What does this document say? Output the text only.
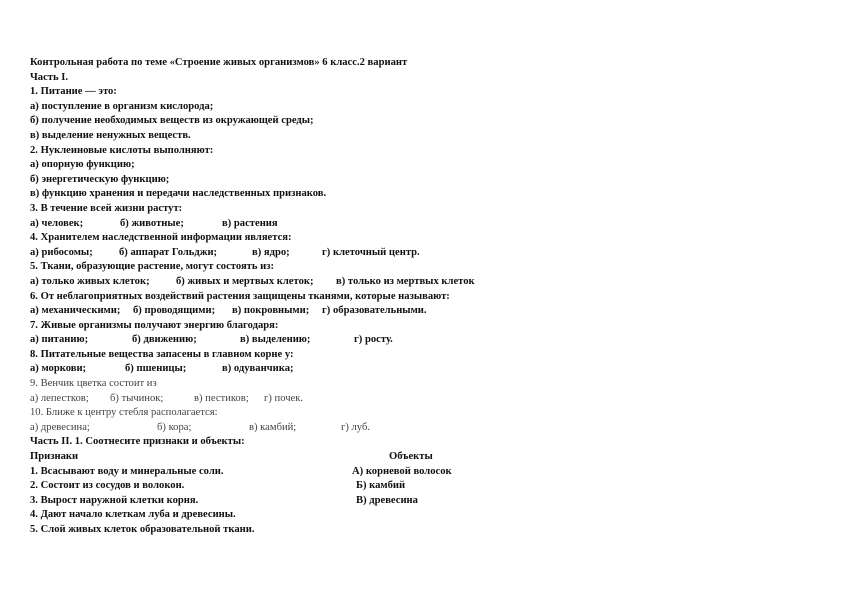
Контрольная работа по теме «Строение живых организмов» 6 класс.2 вариант
Часть I.
1. Питание — это:
а) поступление в организм кислорода;
б) получение необходимых веществ из окружающей среды;
в) выделение ненужных веществ.
2. Нуклеиновые кислоты выполняют:
а) опорную функцию;
б) энергетическую функцию;
в) функцию хранения и передачи наследственных признаков.
3. В течение всей жизни растут:
а) человек;	б) животные;	в) растения
4. Хранителем наследственной информации является:
а) рибосомы; б) аппарат Гольджи;	в) ядро;	г) клеточный центр.
5. Ткани, образующие растение, могут состоять из:
а) только живых клеток; б) живых и мертвых клеток; в) только из мертвых клеток
6. От неблагоприятных воздействий растения защищены тканями, которые называют:
а) механическими; б) проводящими; в) покровными; г) образовательными.
7. Живые организмы получают энергию благодаря:
а) питанию;	б) движению;	в) выделению;	г) росту.
8. Питательные вещества запасены в главном корне у:
а) моркови;	б) пшеницы;	в) одуванчика;
9. Венчик цветка состоит из
а) лепестков; б) тычинок;	в) пестиков; г) почек.
10. Ближе к центру стебля располагается:
а) древесина;	б) кора;	в) камбий;	г) луб.
Часть II. 1. Соотнесите признаки и объекты:
Признаки	Объекты
1. Всасывают воду и минеральные соли.	А) корневой волосок
2. Состоит из сосудов и волокон.	Б) камбий
3. Вырост наружной клетки корня.	В) древесина
4. Дают начало клеткам луба и древесины.
5. Слой живых клеток образовательной ткани.
